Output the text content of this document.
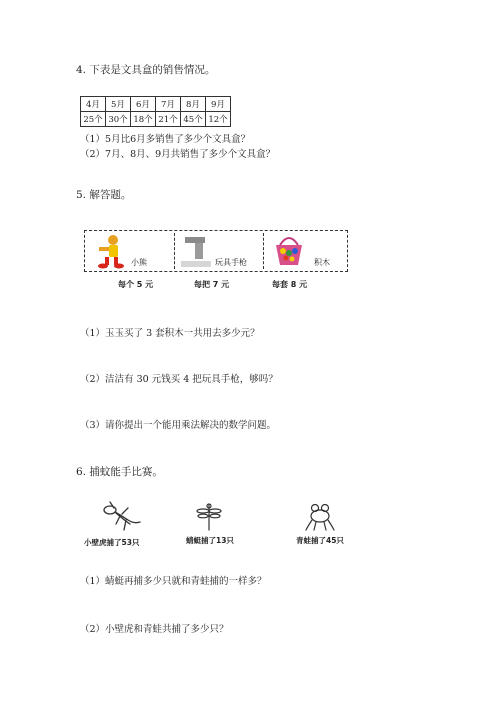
4. 下表是文具盒的销售情况。
4月	5月	6月	7月	8月	9月
25个	30个	18个	21个	45个	12个
（1）5月比6月多销售了多少个文具盒？
（2）7月、8月、9月共销售了多少个文具盒？
5. 解答题。
小熊	玩具手枪	积木
每个 5 元	每把 7 元	每套 8 元
（1）玉玉买了 3 套积木一共用去多少元？
（2）洁洁有 30 元钱买 4 把玩具手枪，够吗？
（3）请你提出一个能用乘法解决的数学问题。
6. 捕蚊能手比赛。
小壁虎捕了53只	蜻蜓捕了13只	青蛙捕了45只
（1）蜻蜓再捕多少只就和青蛙捕的一样多？
（2）小壁虎和青蛙共捕了多少只？
